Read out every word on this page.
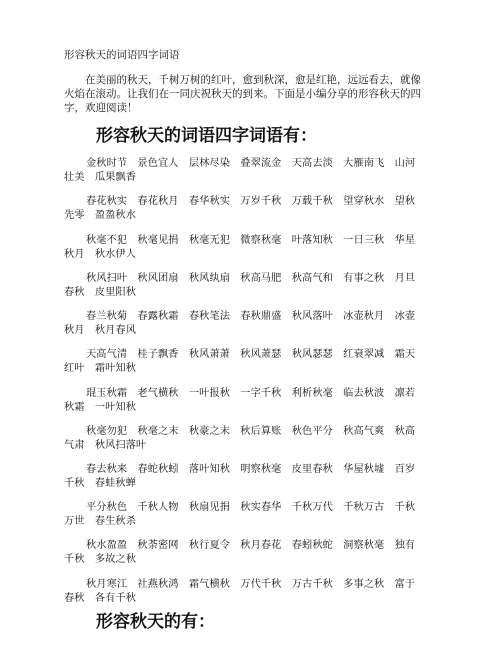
形容秋天的词语四字词语

在美丽的秋天，千树万树的红叶，愈到秋深，愈是红艳，远远看去，就像火焰在滚动。让我们在一同庆祝秋天的到来。下面是小编分享的形容秋天的四字，欢迎阅读！

形容秋天的词语四字词语有：

金秋时节　景色宜人　层林尽染　叠翠流金　天高去淡　大雁南飞　山河壮美　瓜果飘香

春花秋实　春花秋月　春华秋实　万岁千秋　万载千秋　望穿秋水　望秋先零　盈盈秋水

秋毫不犯　秋毫见捐　秋毫无犯　微察秋毫　叶落知秋　一日三秋　华星秋月　秋水伊人

秋风扫叶　秋风团扇　秋风纨扇　秋高马肥　秋高气和　有事之秋　月旦春秋　皮里阳秋

春兰秋菊　春露秋霜　春秋笔法　春秋鼎盛　秋风落叶　冰壶秋月　冰壶秋月　秋月春风

天高气清　桂子飘香　秋风萧萧　秋风萧瑟　秋风瑟瑟　红衰翠减　霜天红叶　霜叶知秋

琨玉秋霜　老气横秋　一叶报秋　一字千秋　利析秋毫　临去秋波　凛若秋霜　一叶知秋

秋毫勿犯　秋毫之末　秋豪之末　秋后算账　秋色平分　秋高气爽　秋高气肃　秋风扫落叶

春去秋来　春蛇秋蚓　落叶知秋　明察秋毫　皮里春秋　华屋秋墟　百岁千秋　春蛙秋蝉

平分秋色　千秋人物　秋扇见捐　秋实春华　千秋万代　千秋万古　千秋万世　春生秋杀

秋水盈盈　秋荼密网　秋行夏令　秋月春花　春蚓秋蛇　洞察秋毫　独有千秋　多故之秋

秋月寒江　社燕秋鸿　霜气横秋　万代千秋　万古千秋　多事之秋　富于春秋　各有千秋

形容秋天的有：
